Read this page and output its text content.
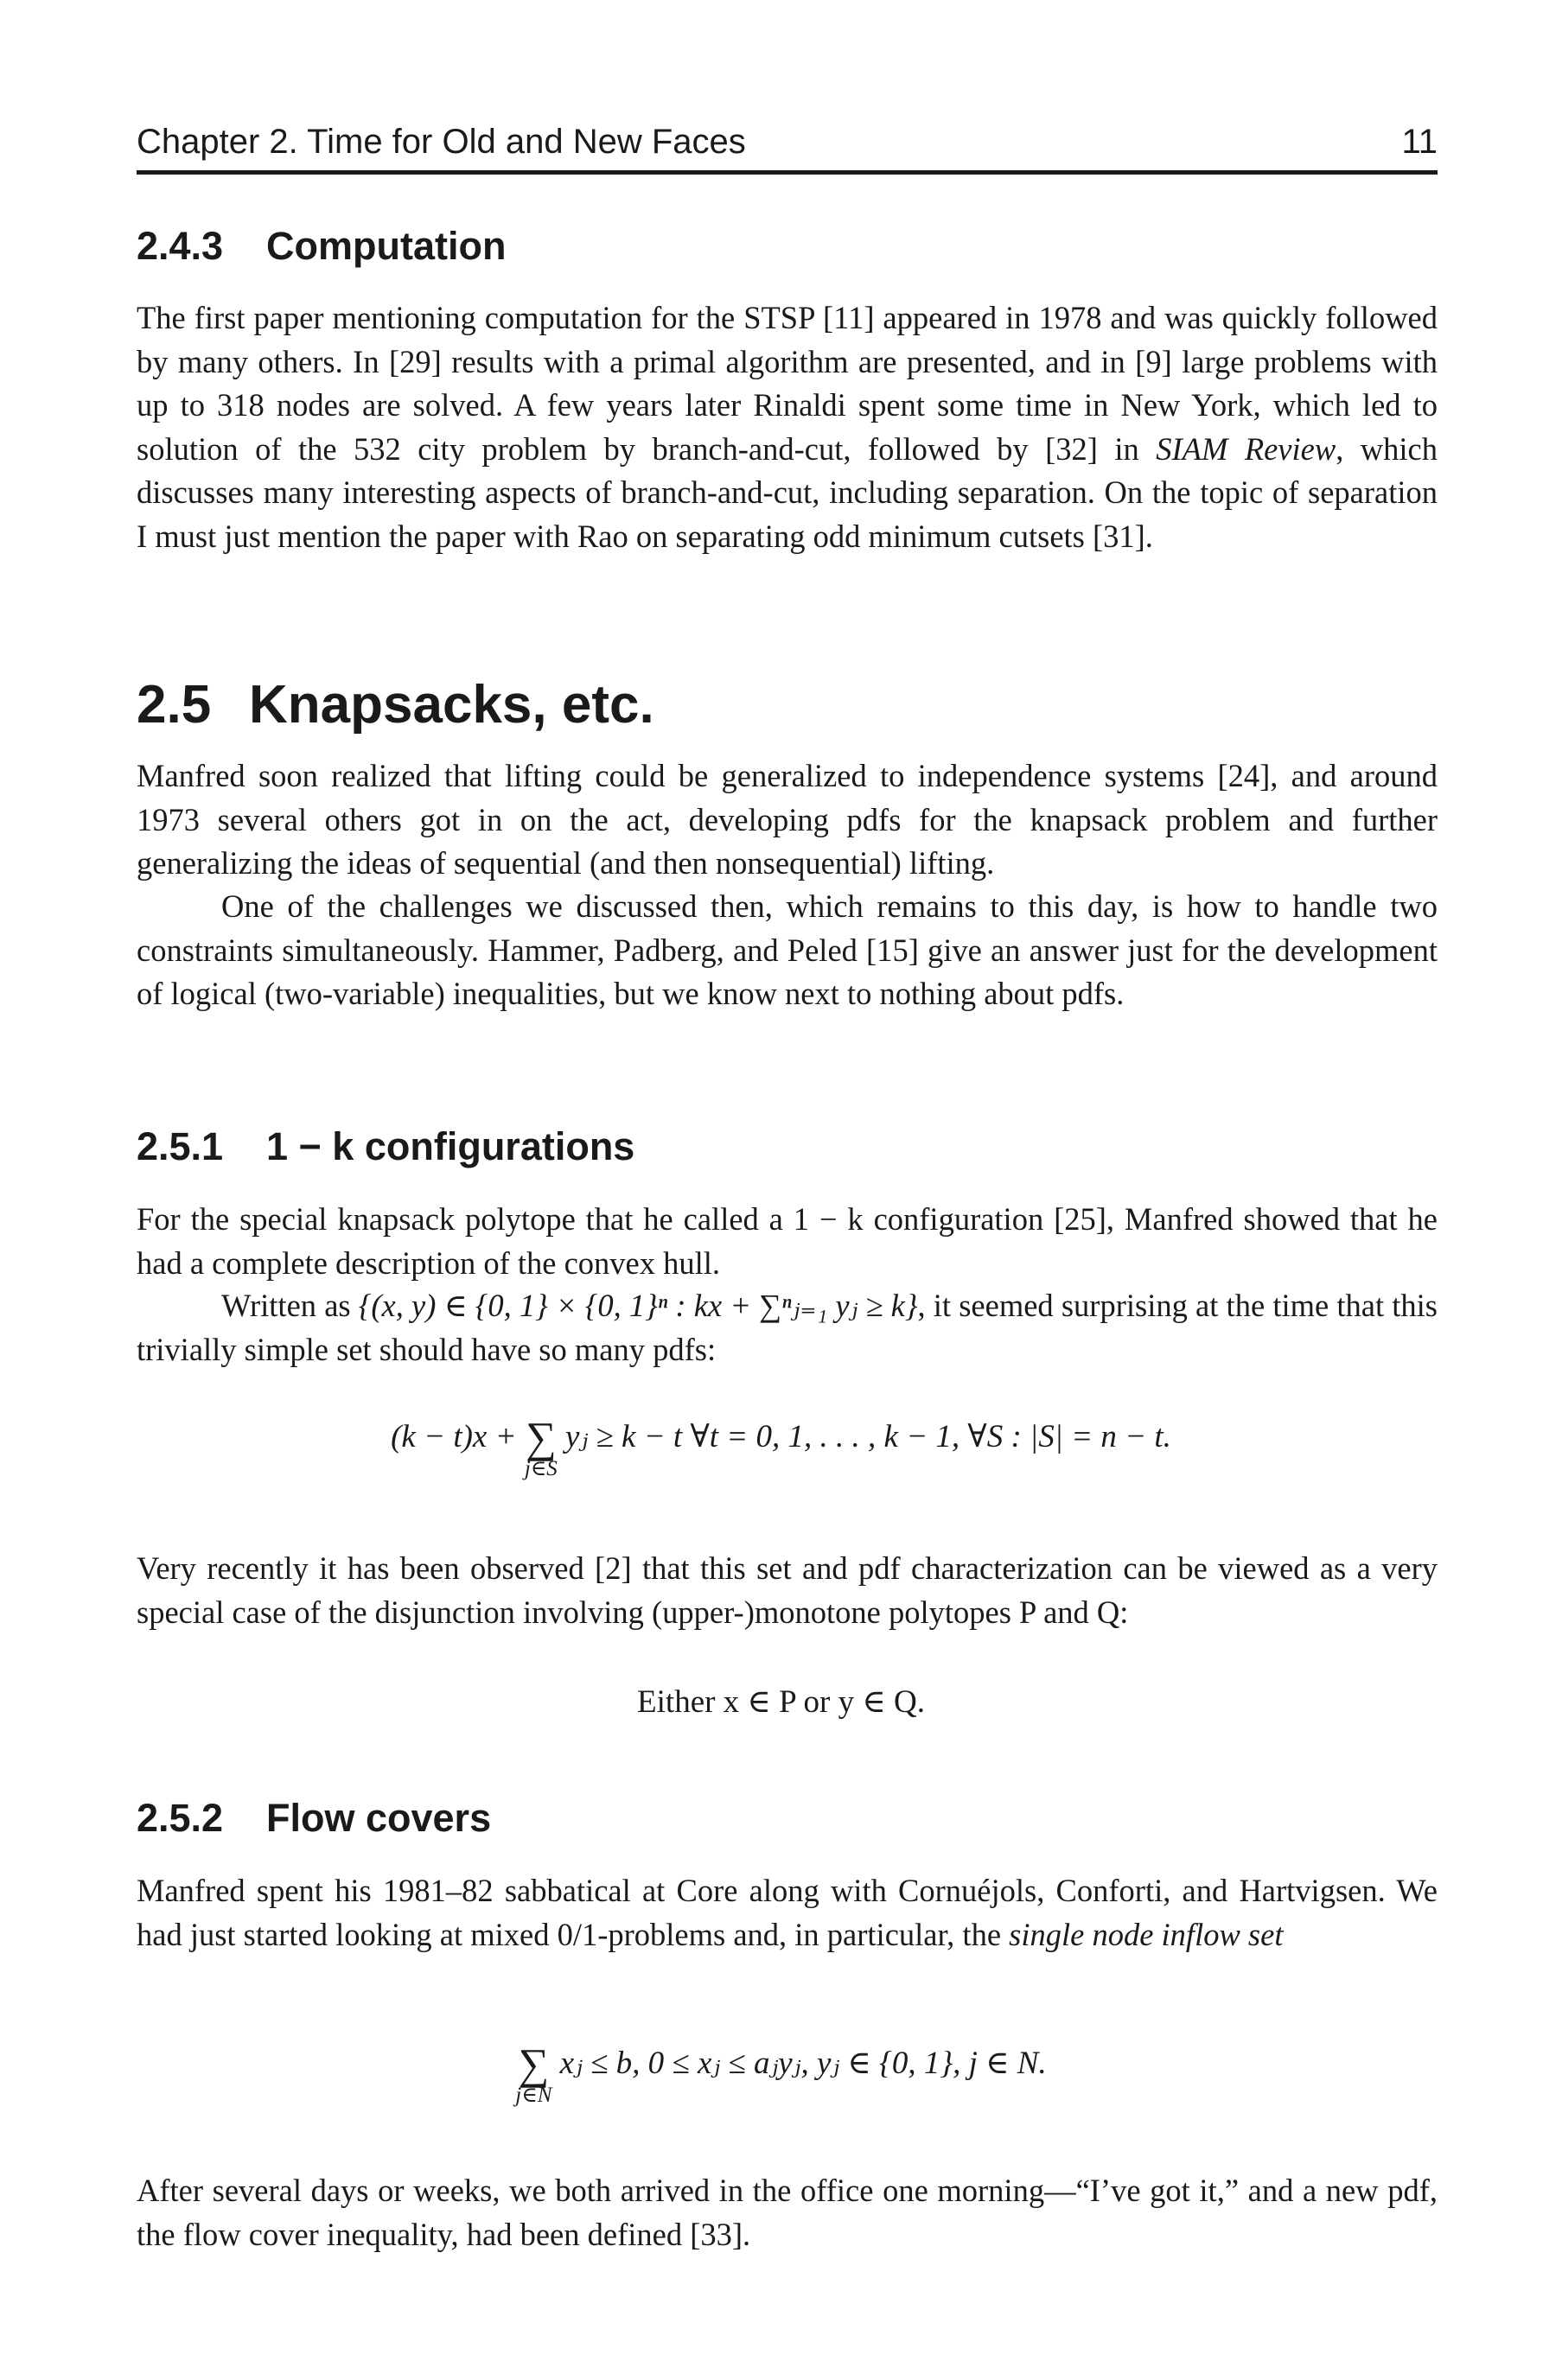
Chapter 2. Time for Old and New Faces	11
2.4.3 Computation

The first paper mentioning computation for the STSP [11] appeared in 1978 and was quickly followed by many others. In [29] results with a primal algorithm are presented, and in [9] large problems with up to 318 nodes are solved. A few years later Rinaldi spent some time in New York, which led to solution of the 532 city problem by branch-and-cut, followed by [32] in SIAM Review, which discusses many interesting aspects of branch-and-cut, including separation. On the topic of separation I must just mention the paper with Rao on separating odd minimum cutsets [31].

2.5 Knapsacks, etc.

Manfred soon realized that lifting could be generalized to independence systems [24], and around 1973 several others got in on the act, developing pdfs for the knapsack problem and further generalizing the ideas of sequential (and then nonsequential) lifting.

One of the challenges we discussed then, which remains to this day, is how to handle two constraints simultaneously. Hammer, Padberg, and Peled [15] give an answer just for the development of logical (two-variable) inequalities, but we know next to nothing about pdfs.

2.5.1 1 − k configurations

For the special knapsack polytope that he called a 1 − k configuration [25], Manfred showed that he had a complete description of the convex hull.

Written as {(x, y) ∈ {0, 1} × {0, 1}ⁿ : kx + ∑ⁿⱼ₌₁ yⱼ ≥ k}, it seemed surprising at the time that this trivially simple set should have so many pdfs:

(k − t)x + ∑
j∈S
yⱼ ≥ k − t ∀t = 0, 1, . . . , k − 1, ∀S : |S| = n − t.

Very recently it has been observed [2] that this set and pdf characterization can be viewed as a very special case of the disjunction involving (upper-)monotone polytopes P and Q:

Either x ∈ P or y ∈ Q.
2.5.2 Flow covers

Manfred spent his 1981–82 sabbatical at Core along with Cornuéjols, Conforti, and Hartvigsen. We had just started looking at mixed 0/1-problems and, in particular, the single node inflow set

∑
j∈N
xⱼ ≤ b, 0 ≤ xⱼ ≤ aⱼyⱼ, yⱼ ∈ {0, 1}, j ∈ N.

After several days or weeks, we both arrived in the office one morning—“I’ve got it,” and a new pdf, the flow cover inequality, had been defined [33].
